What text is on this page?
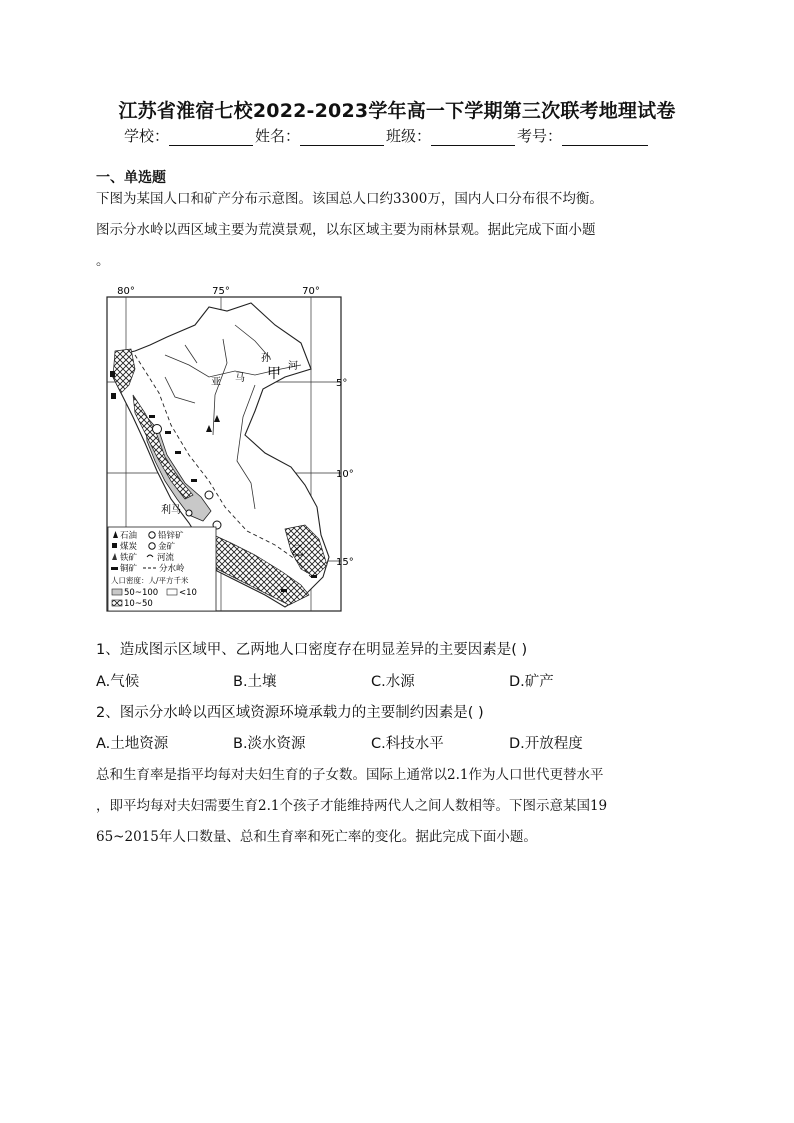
江苏省淮宿七校2022-2023学年高一下学期第三次联考地理试卷
学校：	姓名：	班级：	考号：
一、单选题
下图为某国人口和矿产分布示意图。该国总人口约3300万，国内人口分布很不均衡。
图示分水岭以西区域主要为荒漠景观，以东区域主要为雨林景观。据此完成下面小题
。
80°	75°	70°
5°
10°
15°
孙
河
亚 马 甲
乙
利马
石油 铅锌矿
煤炭 金矿
铁矿 河流
铜矿	分水岭
人口密度：人/平方千米
50~100 <10
10~50
1、造成图示区域甲、乙两地人口密度存在明显差异的主要因素是( )
A.气候	B.土壤	C.水源	D.矿产
2、图示分水岭以西区域资源环境承载力的主要制约因素是( )
A.土地资源	B.淡水资源	C.科技水平	D.开放程度
总和生育率是指平均每对夫妇生育的子女数。国际上通常以2.1作为人口世代更替水平
，即平均每对夫妇需要生育2.1个孩子才能维持两代人之间人数相等。下图示意某国19
65~2015年人口数量、总和生育率和死亡率的变化。据此完成下面小题。
